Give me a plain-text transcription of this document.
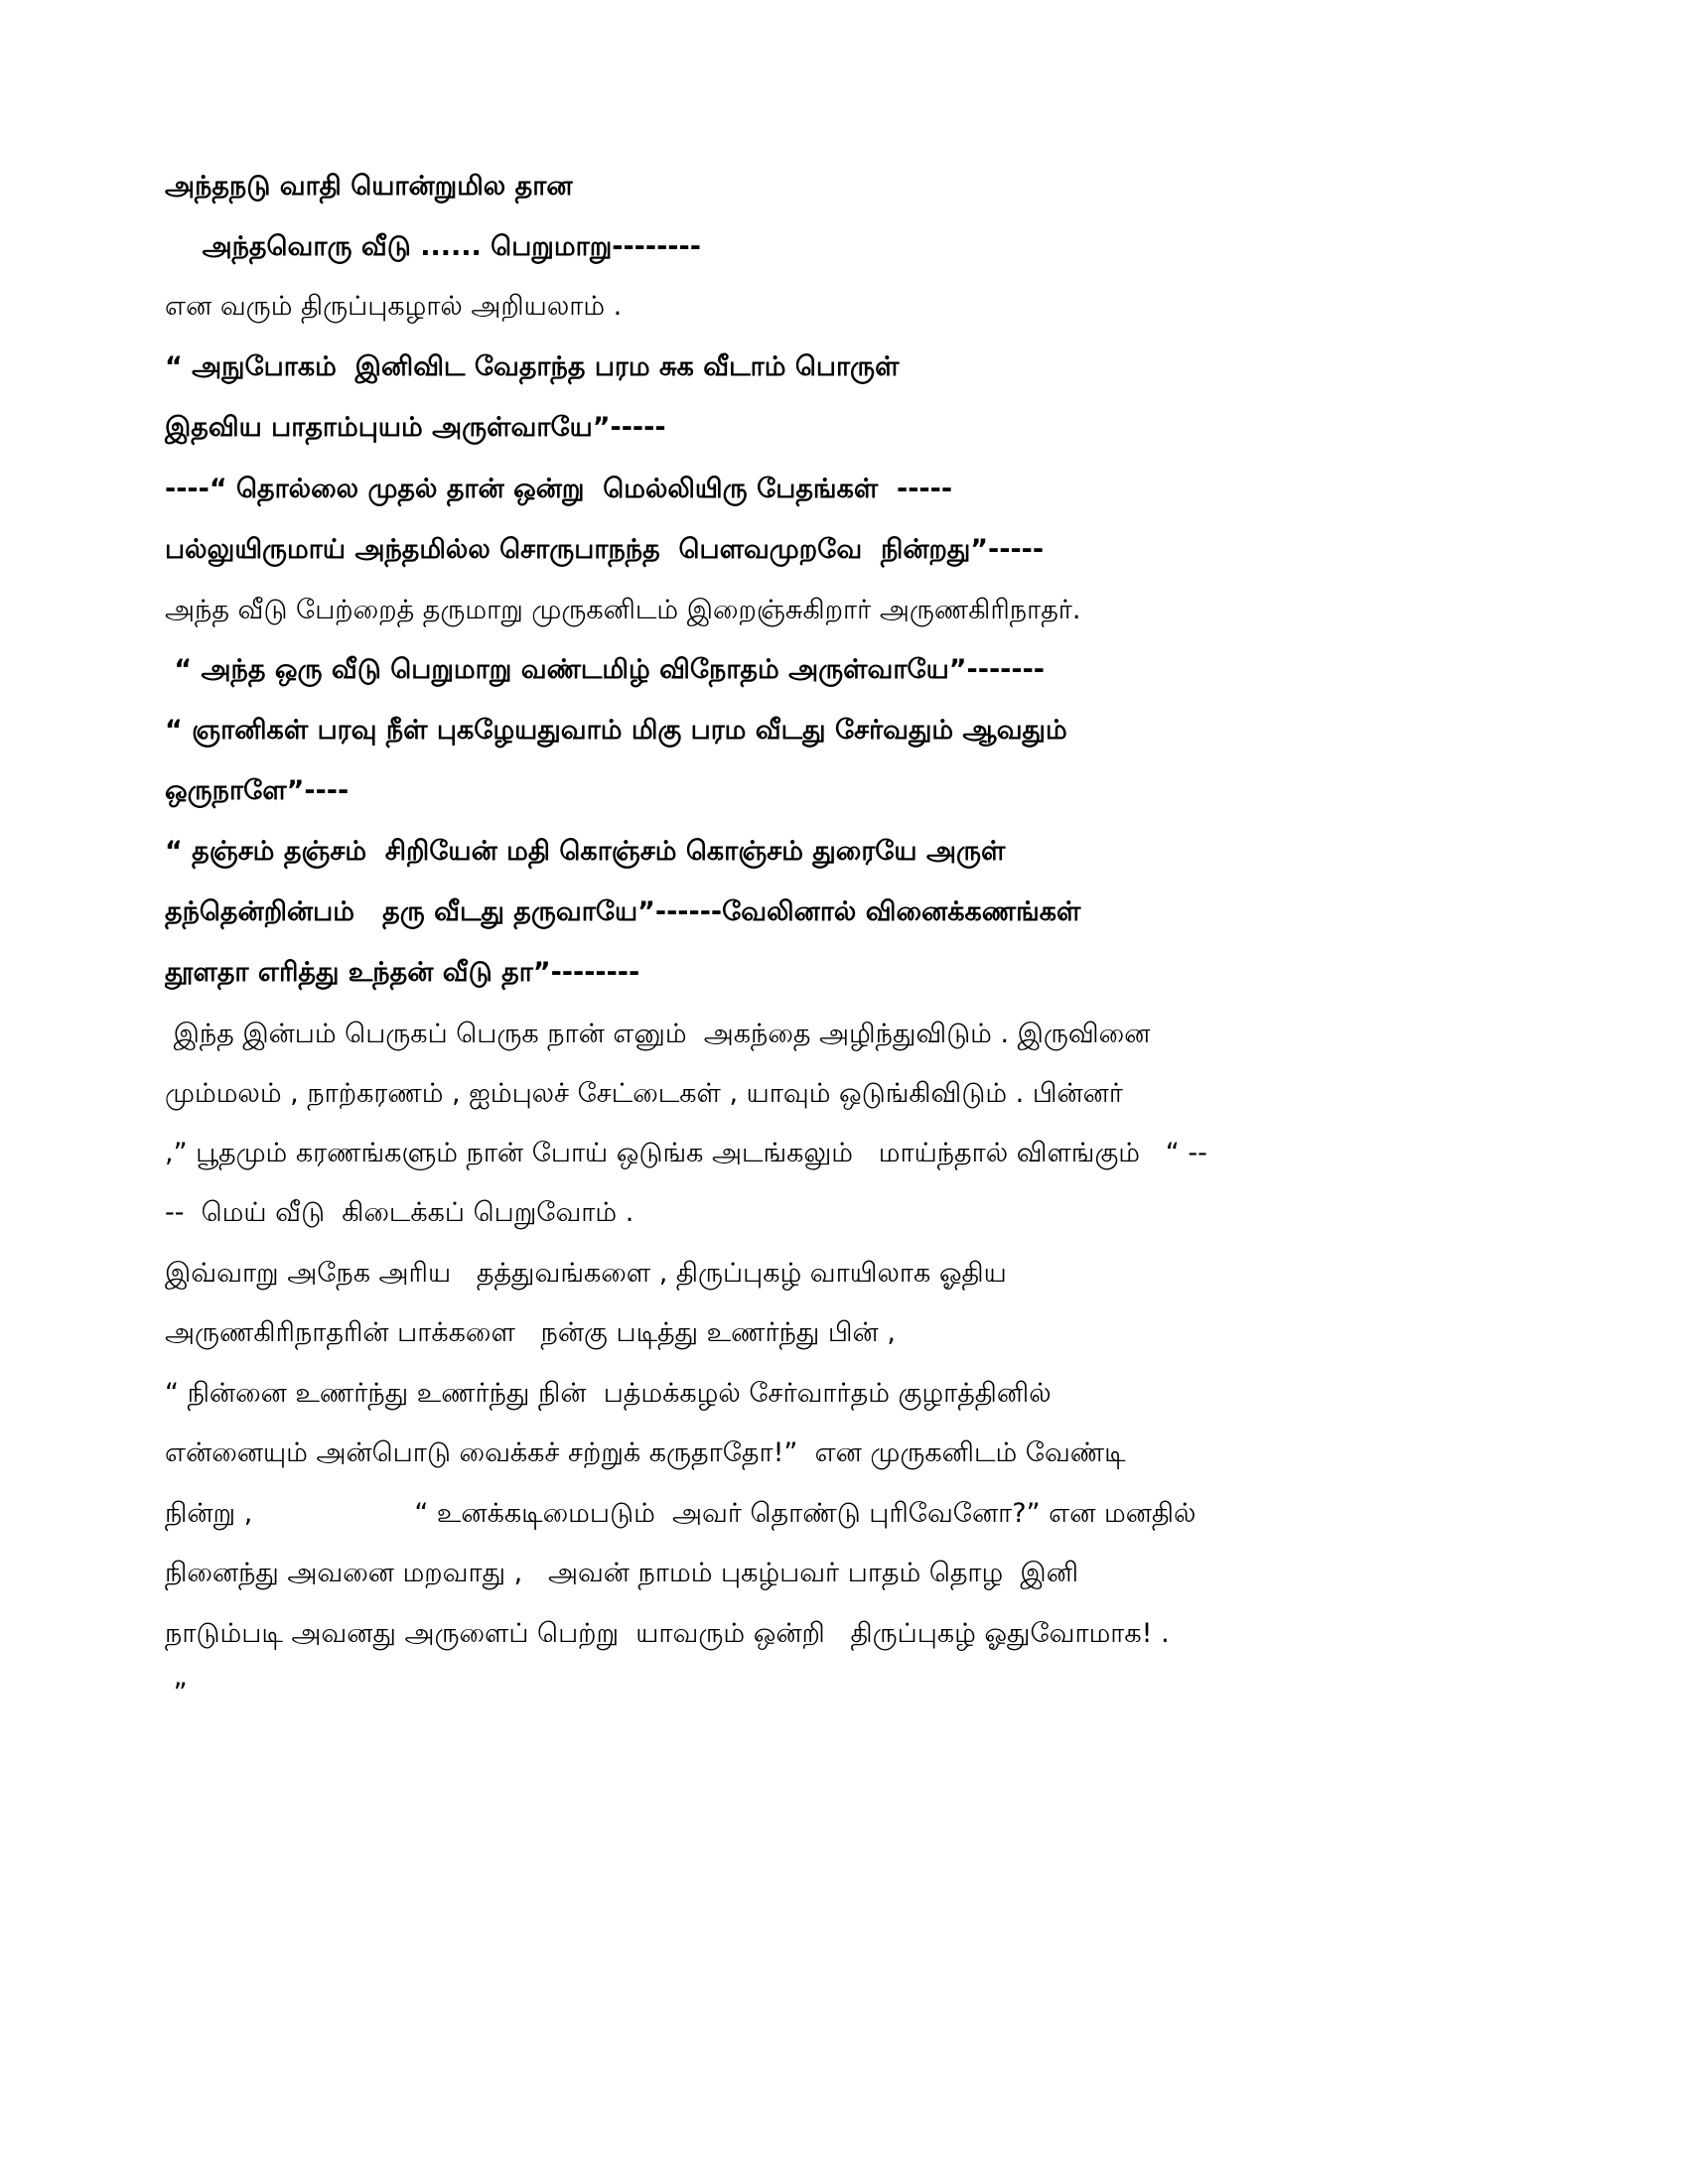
அந்தநடு வாதி யொன்றுமில தான
அந்தவொரு வீடு ...... பெறுமாறு--------
என வரும் திருப்புகழால் அறியலாம் .
“ அநுபோகம்  இனிவிட வேதாந்த பரம சுக வீடாம் பொருள்
இதவிய பாதாம்புயம் அருள்வாயே”-----
----“ தொல்லை முதல் தான் ஒன்று  மெல்லியிரு பேதங்கள்  -----
பல்லுயிருமாய் அந்தமில்ல சொருபாநந்த  பௌவமுறவே  நின்றது”-----
அந்த வீடு பேற்றைத் தருமாறு முருகனிடம் இறைஞ்சுகிறார் அருணகிரிநாதர்.
“ அந்த ஒரு வீடு பெறுமாறு வண்டமிழ் விநோதம் அருள்வாயே”-------
“ ஞானிகள் பரவு நீள் புகழேயதுவாம் மிகு பரம வீடது சேர்வதும் ஆவதும்
ஒருநாளே”----
“ தஞ்சம் தஞ்சம்  சிறியேன் மதி கொஞ்சம் கொஞ்சம் துரையே அருள்
தந்தென்றின்பம்   தரு வீடது தருவாயே”------வேலினால் வினைக்கணங்கள்
தூளதா எரித்து உந்தன் வீடு தா”--------
இந்த இன்பம் பெருகப் பெருக நான் எனும்  அகந்தை அழிந்துவிடும் . இருவினை
மும்மலம் , நாற்கரணம் , ஐம்புலச் சேட்டைகள் , யாவும் ஒடுங்கிவிடும் . பின்னர்
,” பூதமும் கரணங்களும் நான் போய் ஒடுங்க அடங்கலும்   மாய்ந்தால் விளங்கும்   “ --
--  மெய் வீடு  கிடைக்கப் பெறுவோம் .
இவ்வாறு அநேக அரிய   தத்துவங்களை , திருப்புகழ் வாயிலாக ஓதிய
அருணகிரிநாதரின் பாக்களை   நன்கு படித்து உணர்ந்து பின் ,
“ நின்னை உணர்ந்து உணர்ந்து நின்  பத்மக்கழல் சேர்வார்தம் குழாத்தினில்
என்னையும் அன்பொடு வைக்கச் சற்றுக் கருதாதோ!”  என முருகனிடம் வேண்டி
நின்று ,                   “ உனக்கடிமைபடும்  அவர் தொண்டு புரிவேனோ?” என மனதில்
நினைந்து அவனை மறவாது ,   அவன் நாமம் புகழ்பவர் பாதம் தொழ  இனி
நாடும்படி அவனது அருளைப் பெற்று  யாவரும் ஒன்றி   திருப்புகழ் ஓதுவோமாக! .
”
